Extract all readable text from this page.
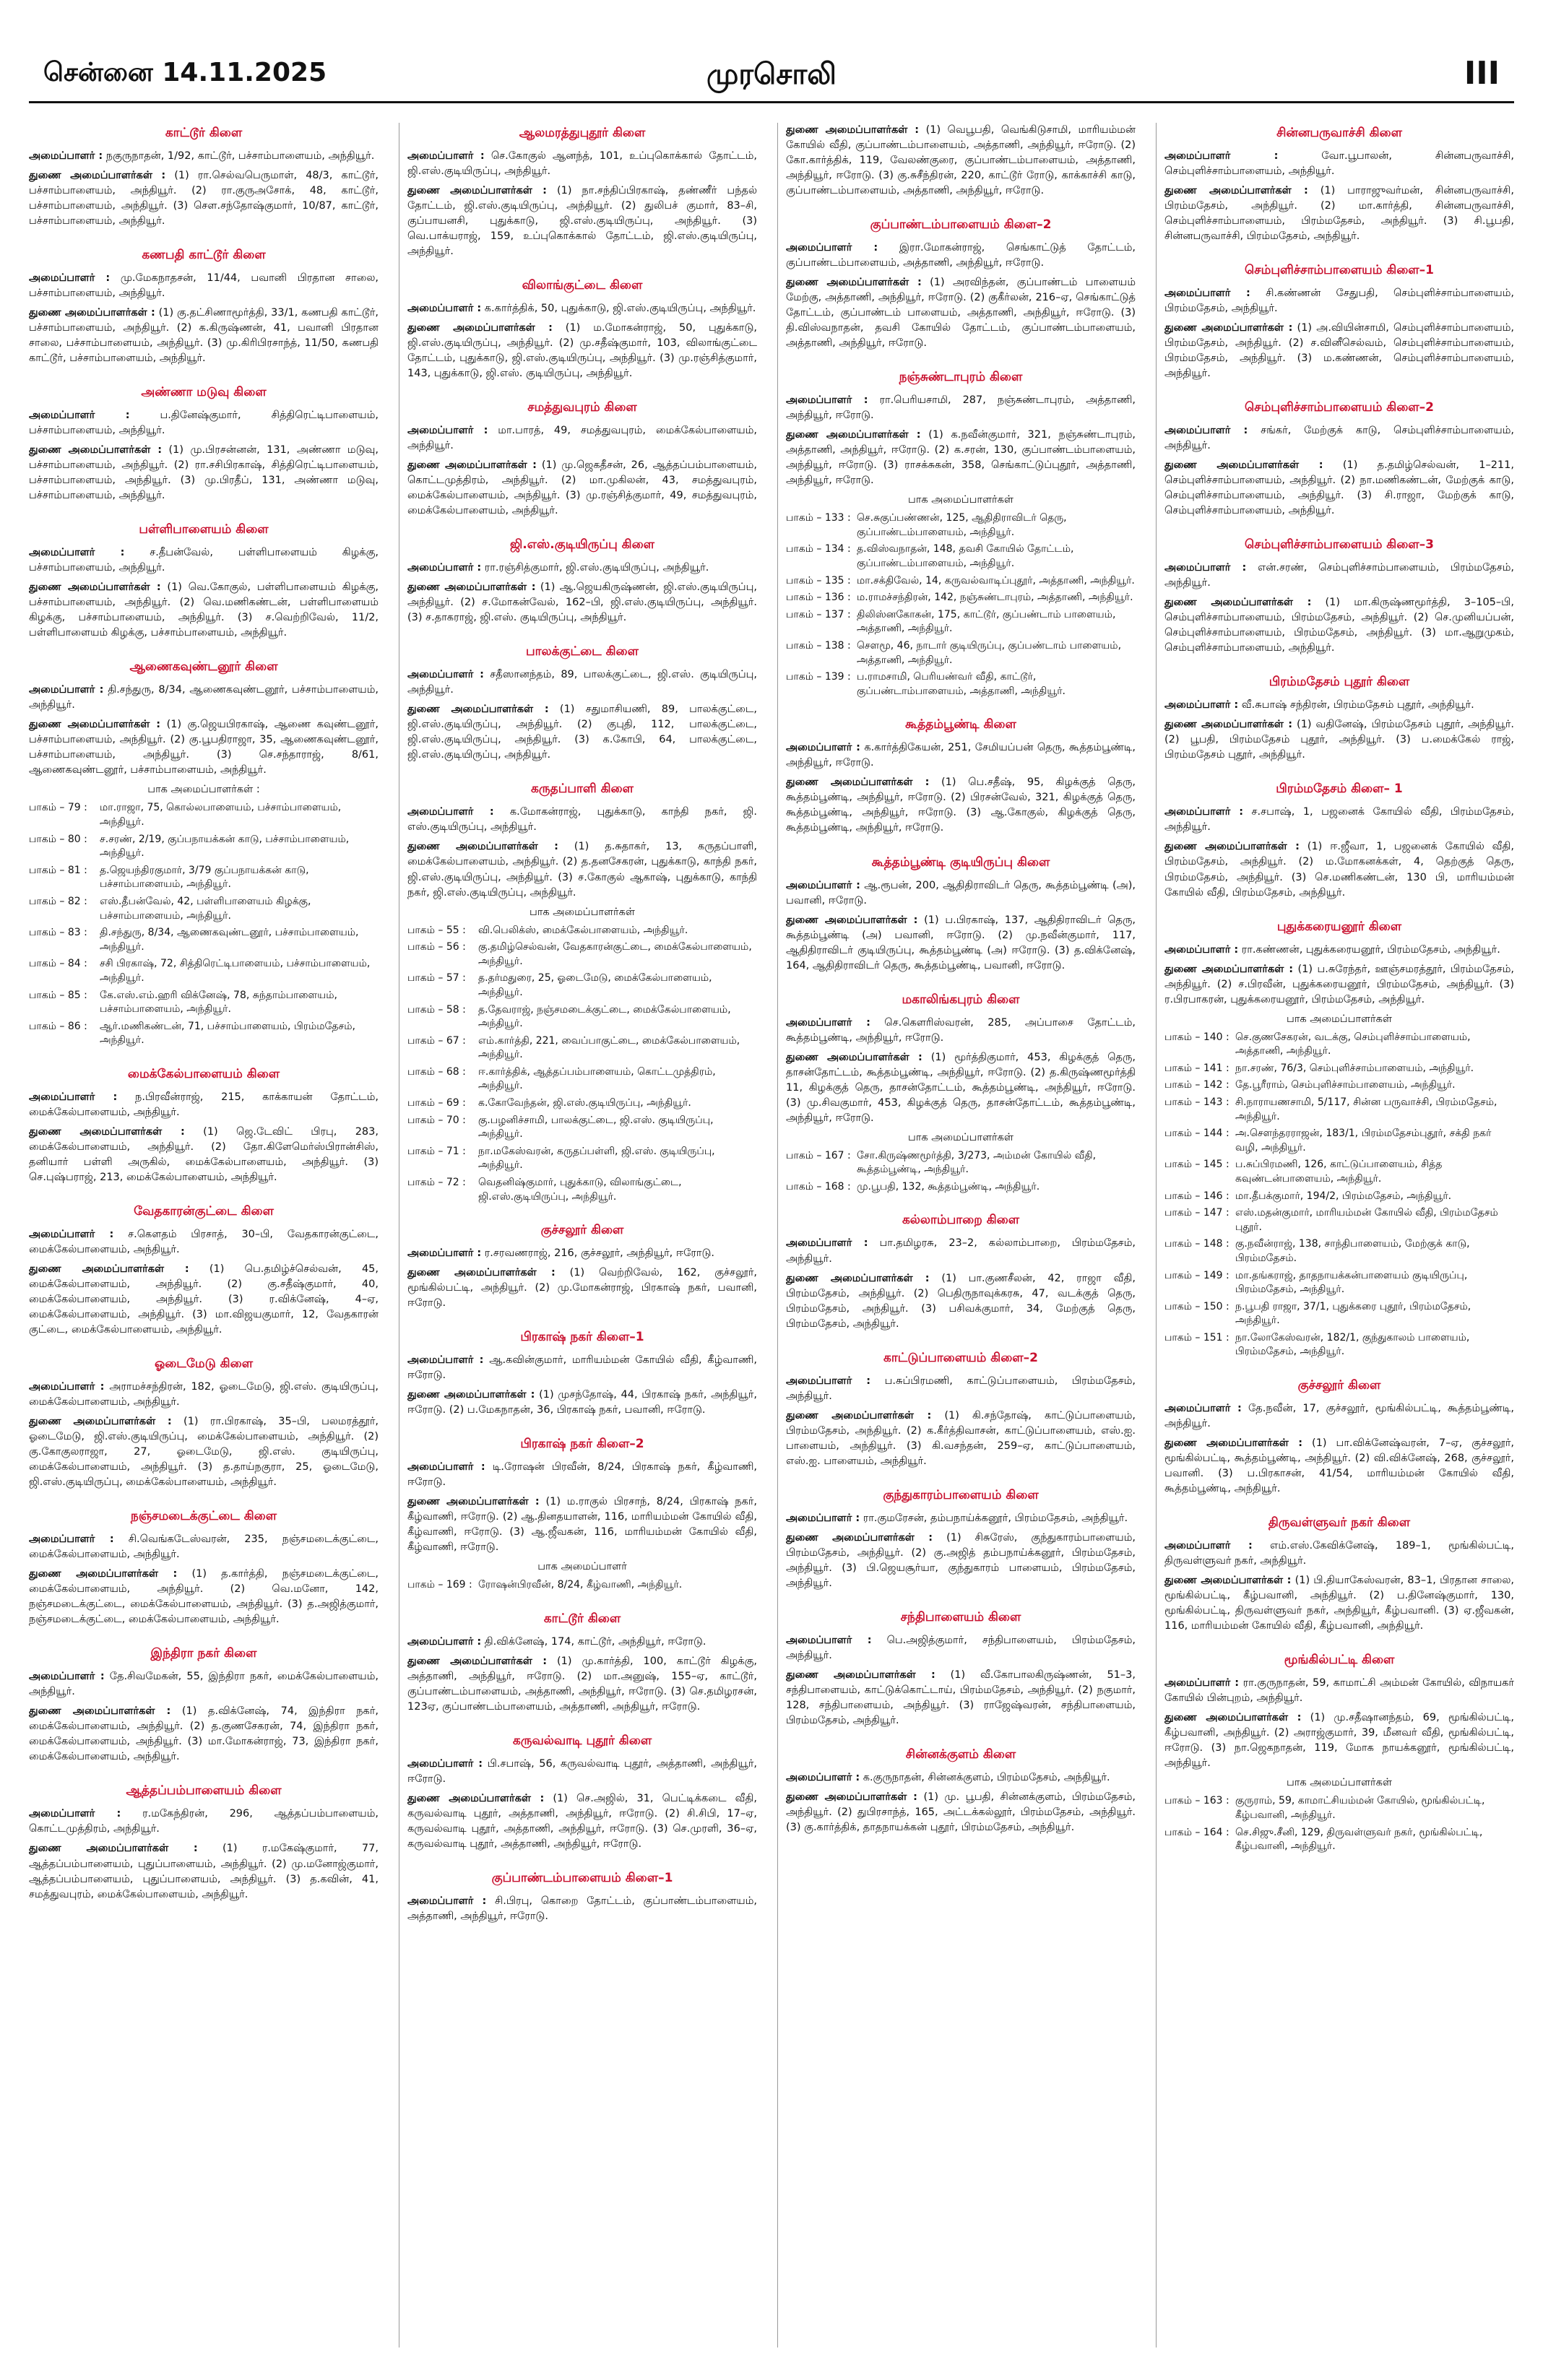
சென்னை 14.11.2025	முரசொலி	III
காட்டூர் கிளை

அமைப்பாளர் : நகுருநாதன், 1/92, காட்டூர், பச்சாம்பாளையம், அந்தியூர்.

துணை அமைப்பாளர்கள் : (1) ரா.செல்வபெருமாள், 48/3, காட்டூர், பச்சாம்பாளையம், அந்தியூர். (2) ரா.குருஅசோக், 48, காட்டூர், பச்சாம்பாளையம், அந்தியூர். (3) செள.சந்தோஷ்குமார், 10/87, காட்டூர், பச்சாம்பாளையம், அந்தியூர்.

கணபதி காட்டூர் கிளை

அமைப்பாளர் : மு.மேகநாதசன், 11/44, பவானி பிரதான சாலை, பச்சாம்பாளையம், அந்தியூர்.

துணை அமைப்பாளர்கள் : (1) கு.தட்சிணாமூர்த்தி, 33/1, கணபதி காட்டூர், பச்சாம்பாளையம், அந்தியூர். (2) க.கிருஷ்ணன், 41, பவானி பிரதான சாலை, பச்சாம்பாளையம், அந்தியூர். (3) மு.கிரிபிரசாந்த், 11/50, கணபதி காட்டூர், பச்சாம்பாளையம், அந்தியூர்.

அண்ணா மடுவு கிளை

அமைப்பாளர் :	ப.தினேஷ்குமார், சித்திரெட்டிபாளையம், பச்சாம்பாளையம், அந்தியூர்.

துணை அமைப்பாளர்கள் : (1) மு.பிரசன்னன், 131, அண்ணா மடுவு, பச்சாம்பாளையம், அந்தியூர். (2) ரா.சசிபிரகாஷ், சித்திரெட்டிபாளையம், பச்சாம்பாளையம், அந்தியூர். (3) மு.பிரதீப், 131, அண்ணா மடுவு, பச்சாம்பாளையம், அந்தியூர்.

பள்ளிபாளையம் கிளை

அமைப்பாளர் : ச.தீபன்வேல், பள்ளிபாளையம் கிழக்கு, பச்சாம்பாளையம், அந்தியூர்.

துணை அமைப்பாளர்கள் : (1) வெ.கோகுல், பள்ளிபாளையம் கிழக்கு, பச்சாம்பாளையம், அந்தியூர். (2) வெ.மணிகண்டன், பள்ளிபாளையம் கிழக்கு, பச்சாம்பாளையம், அந்தியூர். (3) ச.வெற்றிவேல், 11/2, பள்ளிபாளையம் கிழக்கு, பச்சாம்பாளையம், அந்தியூர்.

ஆணைகவுண்டனூர் கிளை

அமைப்பாளர் : தி.சந்துரு, 8/34, ஆணைகவுண்டனூர், பச்சாம்பாளையம், அந்தியூர்.

துணை அமைப்பாளர்கள் : (1) கு.ஜெயபிரகாஷ், ஆணை கவுண்டனூர், பச்சாம்பாளையம், அந்தியூர். (2) கு.பூபதிராஜா, 35, ஆணைகவுண்டனூர், பச்சாம்பாளையம், அந்தியூர். (3) செ.சந்தாராஜ், 8/61, ஆணைகவுண்டனூர், பச்சாம்பாளையம், அந்தியூர்.

பாக அமைப்பாளர்கள் :
பாகம் – 79 :	மா.ராஜா, 75, கொல்லபாளையம், பச்சாம்பாளையம், அந்தியூர்.
பாகம் – 80 :	ச.சரண், 2/19, குப்பநாயக்கன் காடு, பச்சாம்பாளையம், அந்தியூர்.
பாகம் – 81 :	த.ஜெயந்திரகுமார், 3/79 குப்பநாயக்கன் காடு, பச்சாம்பாளையம், அந்தியூர்.
பாகம் – 82 :	எஸ்.தீபன்வேல், 42, பள்ளிபாளையம் கிழக்கு, பச்சாம்பாளையம், அந்தியூர்.
பாகம் – 83 :	தி.சந்துரு, 8/34, ஆணைகவுண்டனூர், பச்சாம்பாளையம், அந்தியூர்.
பாகம் – 84 :	சசி பிரகாஷ், 72, சித்திரெட்டிபாளையம், பச்சாம்பாளையம், அந்தியூர்.
பாகம் – 85 :	கே.எஸ்.எம்.ஹரி விக்னேஷ், 78, சுந்தாம்பாளையம், பச்சாம்பாளையம், அந்தியூர்.
பாகம் – 86 :	ஆர்.மணிகண்டன், 71, பச்சாம்பாளையம், பிரம்மதேசம், அந்தியூர்.
மைக்கேல்பாளையம் கிளை

அமைப்பாளர் : ந.பிரவீன்ராஜ், 215, காக்காயன் தோட்டம், மைக்கேல்பாளையம், அந்தியூர்.

துணை அமைப்பாளர்கள் : (1) ஜெ.டேவிட் பிரபு, 283, மைக்கேல்பாளையம், அந்தியூர். (2) தோ.கிளேமெர்ஸ்பிரான்சிஸ், தனியார் பள்ளி அருகில், மைக்கேல்பாளையம், அந்தியூர். (3) செ.புஷ்பராஜ், 213, மைக்கேல்பாளையம், அந்தியூர்.

வேதகாரன்குட்டை கிளை

அமைப்பாளர் : ச.கௌதம் பிரசாத், 30–பி, வேதகாரன்குட்டை, மைக்கேல்பாளையம், அந்தியூர்.

துணை அமைப்பாளர்கள் : (1) பெ.தமிழ்ச்செல்வன், 45, மைக்கேல்பாளையம், அந்தியூர். (2) கு.சதீஷ்குமார், 40, மைக்கேல்பாளையம், அந்தியூர். (3) ர.விக்னேஷ், 4–ஏ, மைக்கேல்பாளையம், அந்தியூர். (3) மா.விஜயகுமார், 12, வேதகாரன் குட்டை, மைக்கேல்பாளையம், அந்தியூர்.

ஓடைமேடு கிளை

அமைப்பாளர் : அராமச்சந்திரன், 182, ஓடைமேடு, ஜி.எஸ். குடியிருப்பு, மைக்கேல்பாளையம், அந்தியூர்.

துணை அமைப்பாளர்கள் : (1) ரா.பிரகாஷ், 35–பி, பலமரத்தூர், ஓடைமேடு, ஜி.எஸ்.குடியிருப்பு, மைக்கேல்பாளையம், அந்தியூர். (2) கு.கோகுலராஜா, 27, ஓடைமேடு, ஜி.எஸ். குடியிருப்பு, மைக்கேல்பாளையம், அந்தியூர். (3) த.தாய்நகுரா, 25, ஓடைமேடு, ஜி.எஸ்.குடியிருப்பு, மைக்கேல்பாளையம், அந்தியூர்.

நஞ்சமடைக்குட்டை கிளை

அமைப்பாளர் : சி.வெங்கடேஸ்வரன், 235, நஞ்சமடைக்குட்டை, மைக்கேல்பாளையம், அந்தியூர்.

துணை அமைப்பாளர்கள் : (1) த.கார்த்தி, நஞ்சமடைக்குட்டை, மைக்கேல்பாளையம், அந்தியூர். (2) வெ.மனோ, 142, நஞ்சமடைக்குட்டை, மைக்கேல்பாளையம், அந்தியூர். (3) த.அஜித்குமார், நஞ்சமடைக்குட்டை, மைக்கேல்பாளையம், அந்தியூர்.

இந்திரா நகர் கிளை

அமைப்பாளர் : தே.சிவமேகன், 55, இந்திரா நகர், மைக்கேல்பாளையம், அந்தியூர்.

துணை அமைப்பாளர்கள் : (1) த.விக்னேஷ், 74, இந்திரா நகர், மைக்கேல்பாளையம், அந்தியூர். (2) த.குணசேகரன், 74, இந்திரா நகர், மைக்கேல்பாளையம், அந்தியூர். (3) மா.மோகன்ராஜ், 73, இந்திரா நகர், மைக்கேல்பாளையம், அந்தியூர்.

ஆத்தப்பம்பாளையம் கிளை

அமைப்பாளர் : ர.மகேந்திரன், 296, ஆத்தப்பம்பாளையம், கொட்டமுத்திரம், அந்தியூர்.

துணை அமைப்பாளர்கள் : (1) ர.மகேஷ்குமார், 77, ஆத்தப்பம்பாளையம், புதுப்பாளையம், அந்தியூர். (2) மு.மனோஜ்குமார், ஆத்தப்பம்பாளையம், புதுப்பாளையம், அந்தியூர். (3) த.கவின், 41, சமத்துவபுரம், மைக்கேல்பாளையம், அந்தியூர்.

ஆலமரத்துபுதூர் கிளை

அமைப்பாளர் : செ.கோகுல் ஆனந்த், 101, உப்புகொக்கால் தோட்டம், ஜி.எஸ்.குடியிருப்பு, அந்தியூர்.

துணை அமைப்பாளர்கள் : (1) நா.சந்திப்பிரகாஷ், தண்ணீர் பந்தல் தோட்டம், ஜி.எஸ்.குடியிருப்பு, அந்தியூர். (2) துலிபச் குமார், 83–சி, குப்பாயனசி, புதுக்காடு, ஜி.எஸ்.குடியிருப்பு, அந்தியூர். (3) வெ.பாக்யராஜ், 159, உப்புகொக்கால் தோட்டம், ஜி.எஸ்.குடியிருப்பு, அந்தியூர்.

விலாங்குட்டை கிளை

அமைப்பாளர் : க.கார்த்திக், 50, புதுக்காடு, ஜி.எஸ்.குடியிருப்பு, அந்தியூர்.

துணை அமைப்பாளர்கள் : (1) ம.மோகன்ராஜ், 50, புதுக்காடு, ஜி.எஸ்.குடியிருப்பு, அந்தியூர். (2) மு.சதீஷ்குமார், 103, விலாங்குட்டை தோட்டம், புதுக்காடு, ஜி.எஸ்.குடியிருப்பு, அந்தியூர். (3) மு.ரஞ்சித்குமார், 143, புதுக்காடு, ஜி.எஸ். குடியிருப்பு, அந்தியூர்.

சமத்துவபுரம் கிளை

அமைப்பாளர் : மா.பாரத், 49, சமத்துவபுரம், மைக்கேல்பாளையம், அந்தியூர்.

துணை அமைப்பாளர்கள் : (1) மு.ஜெகதீசன், 26, ஆத்தப்பம்பாளையம், கொட்டமுத்திரம், அந்தியூர். (2) மா.முகிலன், 43, சமத்துவபுரம், மைக்கேல்பாளையம், அந்தியூர். (3) மு.ரஞ்சித்குமார், 49, சமத்துவபுரம், மைக்கேல்பாளையம், அந்தியூர்.

ஜி.எஸ்.குடியிருப்பு கிளை

அமைப்பாளர் : ரா.ரஞ்சித்குமார், ஜி.எஸ்.குடியிருப்பு, அந்தியூர்.

துணை அமைப்பாளர்கள் : (1) ஆ.ஜெயகிருஷ்ணன், ஜி.எஸ்.குடியிருப்பு, அந்தியூர். (2) ச.மோகன்வேல், 162–பி, ஜி.எஸ்.குடியிருப்பு, அந்தியூர். (3) ச.தாகராஜ், ஜி.எஸ். குடியிருப்பு, அந்தியூர்.

பாலக்குட்டை கிளை

அமைப்பாளர் : சதீஸானந்தம், 89, பாலக்குட்டை, ஜி.எஸ். குடியிருப்பு, அந்தியூர்.

துணை அமைப்பாளர்கள் : (1) சதுமாசியணி, 89, பாலக்குட்டை, ஜி.எஸ்.குடியிருப்பு, அந்தியூர். (2) குபுதி, 112, பாலக்குட்டை, ஜி.எஸ்.குடியிருப்பு, அந்தியூர். (3) க.கோபி, 64, பாலக்குட்டை, ஜி.எஸ்.குடியிருப்பு, அந்தியூர்.

கருதப்பாளி கிளை

அமைப்பாளர் : க.மோகன்ராஜ், புதுக்காடு, காந்தி நகர், ஜி. எஸ்.குடியிருப்பு, அந்தியூர்.

துணை அமைப்பாளர்கள் : (1) த.சுதாகர், 13, கருதப்பாளி, மைக்கேல்பாளையம், அந்தியூர். (2) த.தனசேகரன், புதுக்காடு, காந்தி நகர், ஜி.எஸ்.குடியிருப்பு, அந்தியூர். (3) ச.கோகுல் ஆகாஷ், புதுக்காடு, காந்தி நகர், ஜி.எஸ்.குடியிருப்பு, அந்தியூர்.

பாக அமைப்பாளர்கள்
பாகம் – 55 :	வி.பெலிக்ஸ், மைக்கேல்பாளையம், அந்தியூர்.
பாகம் – 56 :	கு.தமிழ்செல்வன், வேதகாரன்குட்டை, மைக்கேல்பாளையம், அந்தியூர்.
பாகம் – 57 :	த.தர்மதுரை, 25, ஓடைமேடு, மைக்கேல்பாளையம், அந்தியூர்.
பாகம் – 58 :	த.தேவராஜ், நஞ்சமடைக்குட்டை, மைக்கேல்பாளையம், அந்தியூர்.
பாகம் – 67 :	எம்.கார்த்தி, 221, வைப்பாகுட்டை, மைக்கேல்பாளையம், அந்தியூர்.
பாகம் – 68 :	ஈ.கார்த்திக், ஆத்தப்பம்பாளையம், கொட்டமுத்திரம், அந்தியூர்.
பாகம் – 69 :	க.கோவேந்தன், ஜி.எஸ்.குடியிருப்பு, அந்தியூர்.
பாகம் – 70 :	கு.பழனிச்சாமி, பாலக்குட்டை, ஜி.எஸ். குடியிருப்பு, அந்தியூர்.
பாகம் – 71 :	நா.மகேஸ்வரன், கருதப்பள்ளி, ஜி.எஸ். குடியிருப்பு, அந்தியூர்.
பாகம் – 72 :	வெதனிஷ்குமார், புதுக்காடு, விலாங்குட்டை, ஜி.எஸ்.குடியிருப்பு, அந்தியூர்.
குச்சலூர் கிளை

அமைப்பாளர் : ர.சரவணராஜ், 216, குச்சலூர், அந்தியூர், ஈரோடு.

துணை அமைப்பாளர்கள் : (1) வெற்றிவேல், 162, குச்சலூர், மூங்கில்பட்டி, அந்தியூர். (2) மு.மோகன்ராஜ், பிரகாஷ் நகர், பவானி, ஈரோடு.

பிரகாஷ் நகர் கிளை–1

அமைப்பாளர் : ஆ.கவின்குமார், மாரியம்மன் கோயில் வீதி, கீழ்வாணி, ஈரோடு.

துணை அமைப்பாளர்கள் : (1) முசந்தோஷ், 44, பிரகாஷ் நகர், அந்தியூர், ஈரோடு. (2) ப.மேகநாதன், 36, பிரகாஷ் நகர், பவானி, ஈரோடு.

பிரகாஷ் நகர் கிளை–2

அமைப்பாளர் : டி.ரோஷன் பிரவீன், 8/24, பிரகாஷ் நகர், கீழ்வாணி, ஈரோடு.

துணை அமைப்பாளர்கள் : (1) ம.ராகுல் பிரசாந், 8/24, பிரகாஷ் நகர், கீழ்வாணி, ஈரோடு. (2) ஆ.தினதயாளன், 116, மாரியம்மன் கோயில் வீதி, கீழ்வாணி, ஈரோடு. (3) ஆ.ஜீவகன், 116, மாரியம்மன் கோயில் வீதி, கீழ்வாணி, ஈரோடு.

பாக அமைப்பாளர்
பாகம் – 169 : ரோஷன்பிரவீன், 8/24, கீழ்வாணி, அந்தியூர்.
காட்டூர் கிளை

அமைப்பாளர் : தி.விக்னேஷ், 174, காட்டூர், அந்தியூர், ஈரோடு.

துணை அமைப்பாளர்கள் : (1) மு.கார்த்தி, 100, காட்டூர் கிழக்கு, அத்தாணி, அந்தியூர், ஈரோடு. (2) மா.அனுஷ், 155–ஏ, காட்டூர், குப்பாண்டம்பாளையம், அத்தாணி, அந்தியூர், ஈரோடு. (3) செ.தமிழரசன், 123ஏ, குப்பாண்டம்பாளையம், அத்தாணி, அந்தியூர், ஈரோடு.

கருவல்வாடி புதூர் கிளை

அமைப்பாளர் : பி.சபாஷ், 56, கருவல்வாடி புதூர், அத்தாணி, அந்தியூர், ஈரோடு.

துணை அமைப்பாளர்கள் : (1) செ.அஜில், 31, பெட்டிக்கடை வீதி, கருவல்வாடி புதூர், அத்தாணி, அந்தியூர், ஈரோடு. (2) சி.சிபி, 17–ஏ, கருவல்வாடி புதூர், அத்தாணி, அந்தியூர், ஈரோடு. (3) செ.முரளி, 36–ஏ, கருவல்வாடி புதூர், அத்தாணி, அந்தியூர், ஈரோடு.

குப்பாண்டம்பாளையம் கிளை–1

அமைப்பாளர் : சி.பிரபு, கொறை தோட்டம், குப்பாண்டம்பாளையம், அத்தாணி, அந்தியூர், ஈரோடு.

துணை அமைப்பாளர்கள் : (1) வெபூபதி, வெங்கிடுசாமி, மாரியம்மன் கோயில் வீதி, குப்பாண்டம்பாளையம், அத்தாணி, அந்தியூர், ஈரோடு. (2) கோ.கார்த்திக், 119, வேலண்குரை, குப்பாண்டம்பாளையம், அத்தாணி, அந்தியூர், ஈரோடு. (3) கு.சுசீந்திரன், 220, காட்டூர் ரோடு, காக்காச்சி காடு, குப்பாண்டம்பாளையம், அத்தாணி, அந்தியூர், ஈரோடு.

குப்பாண்டம்பாளையம் கிளை–2

அமைப்பாளர் : இரா.மோகன்ராஜ், செங்காட்டுத் தோட்டம், குப்பாண்டம்பாளையம், அத்தாணி, அந்தியூர், ஈரோடு.

துணை அமைப்பாளர்கள் : (1) அரவிந்தன், குப்பாண்டம் பாளையம் மேற்கு, அத்தாணி, அந்தியூர், ஈரோடு. (2) குகீர்லன், 216–ஏ, செங்காட்டுத் தோட்டம், குப்பாண்டம் பாளையம், அத்தாணி, அந்தியூர், ஈரோடு. (3) தி.விஸ்வநாதன், தவசி கோயில் தோட்டம், குப்பாண்டம்பாளையம், அத்தாணி, அந்தியூர், ஈரோடு.

நஞ்சுண்டாபுரம் கிளை

அமைப்பாளர் : ரா.பெரியசாமி, 287, நஞ்சுண்டாபுரம், அத்தாணி, அந்தியூர், ஈரோடு.

துணை அமைப்பாளர்கள் : (1) க.நவீன்குமார், 321, நஞ்சுண்டாபுரம், அத்தாணி, அந்தியூர், ஈரோடு. (2) க.சரன், 130, குப்பாண்டம்பாளையம், அந்தியூர், ஈரோடு. (3) ராசக்சுகன், 358, செங்காட்டுப்புதூர், அத்தாணி, அந்தியூர், ஈரோடு.

பாக அமைப்பாளர்கள்
பாகம் – 133 : செ.சுகுப்பண்ணன், 125, ஆதிதிராவிடர் தெரு, குப்பாண்டம்பாளையம், அந்தியூர்.
பாகம் – 134 : த.விஸ்வநாதன், 148, தவசி கோயில் தோட்டம், குப்பாண்டம்பாளையம், அந்தியூர்.
பாகம் – 135 : மா.சக்திவேல், 14, கருவல்வாடிப்புதூர், அத்தாணி, அந்தியூர்.
பாகம் – 136 : ம.ராமச்சந்திரன், 142, நஞ்சுண்டாபுரம், அத்தாணி, அந்தியூர்.
பாகம் – 137 : திலிஸ்னகோகன், 175, காட்டூர், குப்பண்டாம் பாளையம், அத்தாணி, அந்தியூர்.
பாகம் – 138 : சௌமூ, 46, நாடார் குடியிருப்பு, குப்பண்டாம் பாளையம், அத்தாணி, அந்தியூர்.
பாகம் – 139 : ப.ராமசாமி, பெரியண்வர் வீதி, காட்டூர், குப்பண்டாம்பாளையம், அத்தாணி, அந்தியூர்.
கூத்தம்பூண்டி கிளை

அமைப்பாளர் : க.கார்த்திகேயன், 251, சேமியப்பன் தெரு, கூத்தம்பூண்டி, அந்தியூர், ஈரோடு.

துணை அமைப்பாளர்கள் : (1) பெ.சதீஷ், 95, கிழக்குத் தெரு, கூத்தம்பூண்டி, அந்தியூர், ஈரோடு. (2) பிரசன்வேல், 321, கிழக்குத் தெரு, கூத்தம்பூண்டி, அந்தியூர், ஈரோடு. (3) ஆ.கோகுல், கிழக்குத் தெரு, கூத்தம்பூண்டி, அந்தியூர், ஈரோடு.

கூத்தம்பூண்டி குடியிருப்பு கிளை

அமைப்பாளர் : ஆ.ரூபன், 200, ஆதிதிராவிடர் தெரு, கூத்தம்பூண்டி (அ), பவானி, ஈரோடு.

துணை அமைப்பாளர்கள் : (1) ப.பிரகாஷ், 137, ஆதிதிராவிடர் தெரு, கூத்தம்பூண்டி (அ) பவானி, ஈரோடு. (2) மு.நவீன்குமார், 117, ஆதிதிராவிடர் குடியிருப்பு, கூத்தம்பூண்டி (அ) ஈரோடு. (3) த.விக்னேஷ், 164, ஆதிதிராவிடர் தெரு, கூத்தம்பூண்டி, பவானி, ஈரோடு.

மகாலிங்கபுரம் கிளை

அமைப்பாளர் : செ.கௌரிஸ்வரன், 285, அப்பாசை தோட்டம், கூத்தம்பூண்டி, அந்தியூர், ஈரோடு.

துணை அமைப்பாளர்கள் : (1) மூர்த்திகுமார், 453, கிழக்குத் தெரு, தாசன்தோட்டம், கூத்தம்பூண்டி, அந்தியூர், ஈரோடு. (2) த.கிருஷ்ணமூர்த்தி 11, கிழக்குத் தெரு, தாசன்தோட்டம், கூத்தம்பூண்டி, அந்தியூர், ஈரோடு. (3) மு.சிவகுமார், 453, கிழக்குத் தெரு, தாசன்தோட்டம், கூத்தம்பூண்டி, அந்தியூர், ஈரோடு.

பாக அமைப்பாளர்கள்
பாகம் – 167 : சோ.கிருஷ்ணமூர்த்தி, 3/273, அம்மன் கோயில் வீதி, கூத்தம்பூண்டி, அந்தியூர்.
பாகம் – 168 : மு.பூபதி, 132, கூத்தம்பூண்டி, அந்தியூர்.
கல்லாம்பாறை கிளை

அமைப்பாளர் : பா.தமிழரசு, 23–2, கல்லாம்பாறை, பிரம்மதேசம், அந்தியூர்.

துணை அமைப்பாளர்கள் : (1) பா.குணசீலன், 42, ராஜா வீதி, பிரம்மதேசம், அந்தியூர். (2) பெதிருநாவுக்கரசு, 47, வடக்குத் தெரு, பிரம்மதேசம், அந்தியூர். (3) பசிவக்குமார், 34, மேற்குத் தெரு, பிரம்மதேசம், அந்தியூர்.

காட்டுப்பாளையம் கிளை–2

அமைப்பாளர் : ப.சுப்பிரமணி, காட்டுப்பாளையம், பிரம்மதேசம், அந்தியூர்.

துணை அமைப்பாளர்கள் : (1) கி.சந்தோஷ், காட்டுப்பாளையம், பிரம்மதேசம், அந்தியூர். (2) க.கீர்த்திவாசன், காட்டுப்பாளையம், எஸ்.ஐ. பாளையம், அந்தியூர். (3) கி.வசந்தன், 259–ஏ, காட்டுப்பாளையம், எஸ்.ஐ. பாளையம், அந்தியூர்.

குந்துகாரம்பாளையம் கிளை

அமைப்பாளர் : ரா.குமரேசன், தம்பநாய்க்கனூர், பிரம்மதேசம், அந்தியூர்.

துணை அமைப்பாளர்கள் : (1) சிசுரேஸ், குந்துகாரம்பாளையம், பிரம்மதேசம், அந்தியூர். (2) கு.அஜித் தம்பநாய்க்கனூர், பிரம்மதேசம், அந்தியூர். (3) பி.ஜெயசூர்யா, குந்துகாரம் பாளையம், பிரம்மதேசம், அந்தியூர்.

சந்திபாளையம் கிளை

அமைப்பாளர் : பெ.அஜித்குமார், சந்திபாளையம், பிரம்மதேசம், அந்தியூர்.

துணை அமைப்பாளர்கள் : (1) வீ.கோபாலகிருஷ்ணன், 51–3, சந்திபாளையம், காட்டுக்கொட்டாய், பிரம்மதேசம், அந்தியூர். (2) நகுமார், 128, சந்திபாளையம், அந்தியூர். (3) ராஜேஷ்வரன், சந்திபாளையம், பிரம்மதேசம், அந்தியூர்.

சின்னக்குளம் கிளை

அமைப்பாளர் : க.குருநாதன், சின்னக்குளம், பிரம்மதேசம், அந்தியூர்.

துணை அமைப்பாளர்கள் : (1) மு. பூபதி, சின்னக்குளம், பிரம்மதேசம், அந்தியூர். (2) துபிரசாந்த், 165, அட்டக்கல்லூர், பிரம்மதேசம், அந்தியூர். (3) கு.கார்த்திக், தாதநாயக்கன் புதூர், பிரம்மதேசம், அந்தியூர்.

சின்னபருவாச்சி கிளை

அமைப்பாளர் :	வோ.பூபாலன், சின்னபருவாச்சி, செம்புளிச்சாம்பாளையம், அந்தியூர்.

துணை அமைப்பாளர்கள் : (1) பாராஜுவர்மன், சின்னபருவாச்சி, பிரம்மதேசம், அந்தியூர். (2) மா.கார்த்தி, சின்னபருவாச்சி, செம்புளிச்சாம்பாளையம், பிரம்மதேசம், அந்தியூர். (3) சி.பூபதி, சின்னபருவாச்சி, பிரம்மதேசம், அந்தியூர்.

செம்புளிச்சாம்பாளையம் கிளை–1

அமைப்பாளர் : சி.கண்ணன் சேதுபதி, செம்புளிச்சாம்பாளையம், பிரம்மதேசம், அந்தியூர்.

துணை அமைப்பாளர்கள் : (1) அ.வியின்சாமி, செம்புளிச்சாம்பாளையம், பிரம்மதேசம், அந்தியூர். (2) ச.வினீசெல்வம், செம்புளிச்சாம்பாளையம், பிரம்மதேசம், அந்தியூர். (3) ம.கண்ணன், செம்புளிச்சாம்பாளையம், அந்தியூர்.

செம்புளிச்சாம்பாளையம் கிளை–2

அமைப்பாளர் : சங்கர், மேற்குக் காடு, செம்புளிச்சாம்பாளையம், அந்தியூர்.

துணை அமைப்பாளர்கள் : (1) த.தமிழ்செல்வன், 1–211, செம்புளிச்சாம்பாளையம், அந்தியூர். (2) நா.மணிகண்டன், மேற்குக் காடு, செம்புளிச்சாம்பாளையம், அந்தியூர். (3) சி.ராஜா, மேற்குக் காடு, செம்புளிச்சாம்பாளையம், அந்தியூர்.

செம்புளிச்சாம்பாளையம் கிளை–3

அமைப்பாளர் : என்.சரண், செம்புளிச்சாம்பாளையம், பிரம்மதேசம், அந்தியூர்.

துணை அமைப்பாளர்கள் : (1) மா.கிருஷ்ணமூர்த்தி, 3–105–பி, செம்புளிச்சாம்பாளையம், பிரம்மதேசம், அந்தியூர். (2) செ.முனியப்பன், செம்புளிச்சாம்பாளையம், பிரம்மதேசம், அந்தியூர். (3) மா.ஆறுமுகம், செம்புளிச்சாம்பாளையம், அந்தியூர்.

பிரம்மதேசம் புதூர் கிளை

அமைப்பாளர் : வீ.சுபாஷ் சந்திரன், பிரம்மதேசம் புதூர், அந்தியூர்.

துணை அமைப்பாளர்கள் : (1) வதினேஷ், பிரம்மதேசம் புதூர், அந்தியூர். (2) பூபதி, பிரம்மதேசம் புதூர், அந்தியூர். (3) ப.மைக்கேல் ராஜ், பிரம்மதேசம் புதூர், அந்தியூர்.

பிரம்மதேசம் கிளை– 1

அமைப்பாளர் : ச.சபாஷ், 1, பஜனைக் கோயில் வீதி, பிரம்மதேசம், அந்தியூர்.

துணை அமைப்பாளர்கள் : (1) ஈ.ஜீவா, 1, பஜனைக் கோயில் வீதி, பிரம்மதேசம், அந்தியூர். (2) ம.மோகனக்கள், 4, தெற்குத் தெரு, பிரம்மதேசம், அந்தியூர். (3) செ.மணிகண்டன், 130 பி, மாரியம்மன் கோயில் வீதி, பிரம்மதேசம், அந்தியூர்.

புதுக்கரையனூர் கிளை

அமைப்பாளர் : ரா.கண்ணன், புதுக்கரையனூர், பிரம்மதேசம், அந்தியூர்.

துணை அமைப்பாளர்கள் : (1) ப.சுரேந்தர், ஊஞ்சமரத்தூர், பிரம்மதேசம், அந்தியூர். (2) ச.பிரவீன், புதுக்கரையனூர், பிரம்மதேசம், அந்தியூர். (3) ர.பிரபாகரன், புதுக்கரையனூர், பிரம்மதேசம், அந்தியூர்.

பாக அமைப்பாளர்கள்
பாகம் – 140 : செ.குணசேகரன், வடக்கு, செம்புளிச்சாம்பாளையம், அத்தாணி, அந்தியூர்.
பாகம் – 141 : நா.சரண், 76/3, செம்புளிச்சாம்பாளையம், அந்தியூர்.
பாகம் – 142 : தே.பூரீராம், செம்புளிச்சாம்பாளையம், அந்தியூர்.
பாகம் – 143 : சி.நாராயணசாமி, 5/117, சின்ன பருவாச்சி, பிரம்மதேசம், அந்தியூர்.
பாகம் – 144 : அ.சௌந்தரராஜன், 183/1, பிரம்மதேசம்புதூர், சக்தி நகர் வழி, அந்தியூர்.
பாகம் – 145 : ப.சுப்பிரமணி, 126, காட்டுப்பாளையம், சித்த கவுண்டன்பாளையம், அந்தியூர்.
பாகம் – 146 : மா.தீபக்குமார், 194/2, பிரம்மதேசம், அந்தியூர்.
பாகம் – 147 : எஸ்.மதன்குமார், மாரியம்மன் கோயில் வீதி, பிரம்மதேசம் புதூர்.
பாகம் – 148 : கு.நவீன்ராஜ், 138, சாந்திபாளையம், மேற்குக் காடு, பிரம்மதேசம்.
பாகம் – 149 : மா.தங்கராஜ், தாதநாயக்கன்பாளையம் குடியிருப்பு, பிரம்மதேசம், அந்தியூர்.
பாகம் – 150 : ந.பூபதி ராஜா, 37/1, புதுக்கரை புதூர், பிரம்மதேசம், அந்தியூர்.
பாகம் – 151 : நா.லோகேஸ்வரன், 182/1, குந்துகாலம் பாளையம், பிரம்மதேசம், அந்தியூர்.
குச்சலூர் கிளை

அமைப்பாளர் : தே.நவீன், 17, குச்சலூர், மூங்கில்பட்டி, கூத்தம்பூண்டி, அந்தியூர்.

துணை அமைப்பாளர்கள் : (1) பா.விக்னேஷ்வரன், 7–ஏ, குச்சலூர், மூங்கில்பட்டி, கூத்தம்பூண்டி, அந்தியூர். (2) வி.விக்னேஷ், 268, குச்சலூர், பவானி. (3) ப.பிரகாசன், 41/54, மாரியம்மன் கோயில் வீதி, கூத்தம்பூண்டி, அந்தியூர்.

திருவள்ளுவர் நகர் கிளை

அமைப்பாளர் : எம்.எஸ்.கேவிக்னேஷ், 189–1, மூங்கில்பட்டி, திருவள்ளுவர் நகர், அந்தியூர்.

துணை அமைப்பாளர்கள் : (1) பி.தியாகேஸ்வரன், 83–1, பிரதான சாலை, மூங்கில்பட்டி, கீழ்பவானி, அந்தியூர். (2) ப.தினேஷ்குமார், 130, மூங்கில்பட்டி, திருவள்ளுவர் நகர், அந்தியூர், கீழ்பவானி. (3) ஏ.ஜீவகன், 116, மாரியம்மன் கோயில் வீதி, கீழ்பவானி, அந்தியூர்.

மூங்கில்பட்டி கிளை

அமைப்பாளர் : ரா.குருநாதன், 59, காமாட்சி அம்மன் கோயில், விநாயகர் கோயில் பின்புறம், அந்தியூர்.

துணை அமைப்பாளர்கள் : (1) மு.சதீஷானந்தம், 69, மூங்கில்பட்டி, கீழ்பவானி, அந்தியூர். (2) அராஜ்குமார், 39, மீனவர் வீதி, மூங்கில்பட்டி, ஈரோடு. (3) நா.ஜெகநாதன், 119, மோக நாயக்கனூர், மூங்கில்பட்டி, அந்தியூர்.

பாக அமைப்பாளர்கள்
பாகம் – 163 : குருராம், 59, காமாட்சியம்மன் கோயில், மூங்கில்பட்டி, கீழ்பவானி, அந்தியூர்.
பாகம் – 164 : செ.சிஜு.சீனி, 129, திருவள்ளுவர் நகர், மூங்கில்பட்டி, கீழ்பவானி, அந்தியூர்.
